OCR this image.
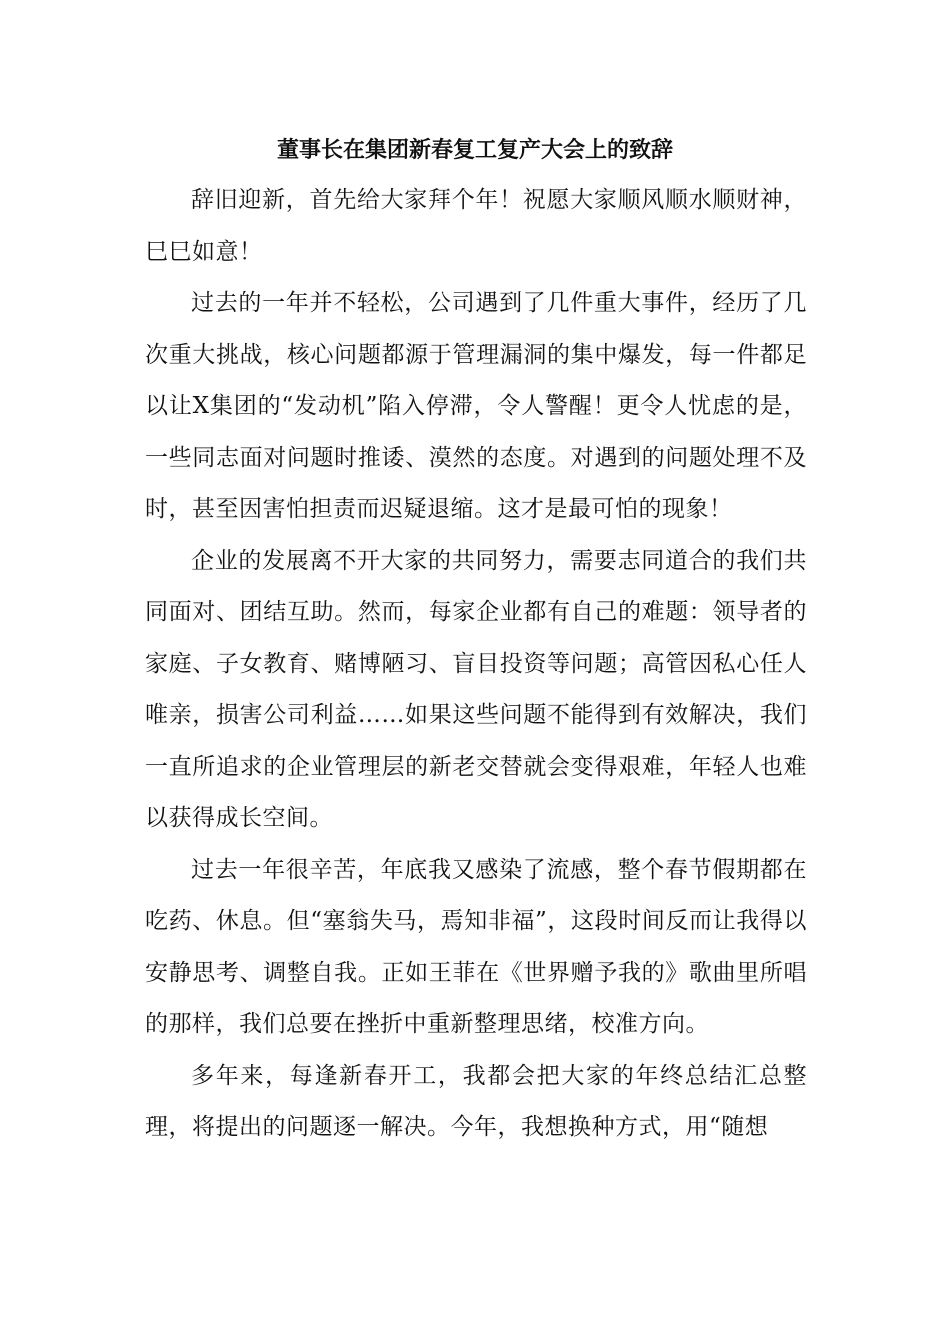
董事长在集团新春复工复产大会上的致辞

辞旧迎新，首先给大家拜个年！祝愿大家顺风顺水顺财神，巳巳如意！

过去的一年并不轻松，公司遇到了几件重大事件，经历了几次重大挑战，核心问题都源于管理漏洞的集中爆发，每一件都足以让X集团的“发动机”陷入停滞，令人警醒！更令人忧虑的是，一些同志面对问题时推诿、漠然的态度。对遇到的问题处理不及时，甚至因害怕担责而迟疑退缩。这才是最可怕的现象！

企业的发展离不开大家的共同努力，需要志同道合的我们共同面对、团结互助。然而，每家企业都有自己的难题：领导者的家庭、子女教育、赌博陋习、盲目投资等问题；高管因私心任人唯亲，损害公司利益……如果这些问题不能得到有效解决，我们一直所追求的企业管理层的新老交替就会变得艰难，年轻人也难以获得成长空间。

过去一年很辛苦，年底我又感染了流感，整个春节假期都在吃药、休息。但“塞翁失马，焉知非福”，这段时间反而让我得以安静思考、调整自我。正如王菲在《世界赠予我的》歌曲里所唱的那样，我们总要在挫折中重新整理思绪，校准方向。

多年来，每逢新春开工，我都会把大家的年终总结汇总整理，将提出的问题逐一解决。今年，我想换种方式，用“随想
